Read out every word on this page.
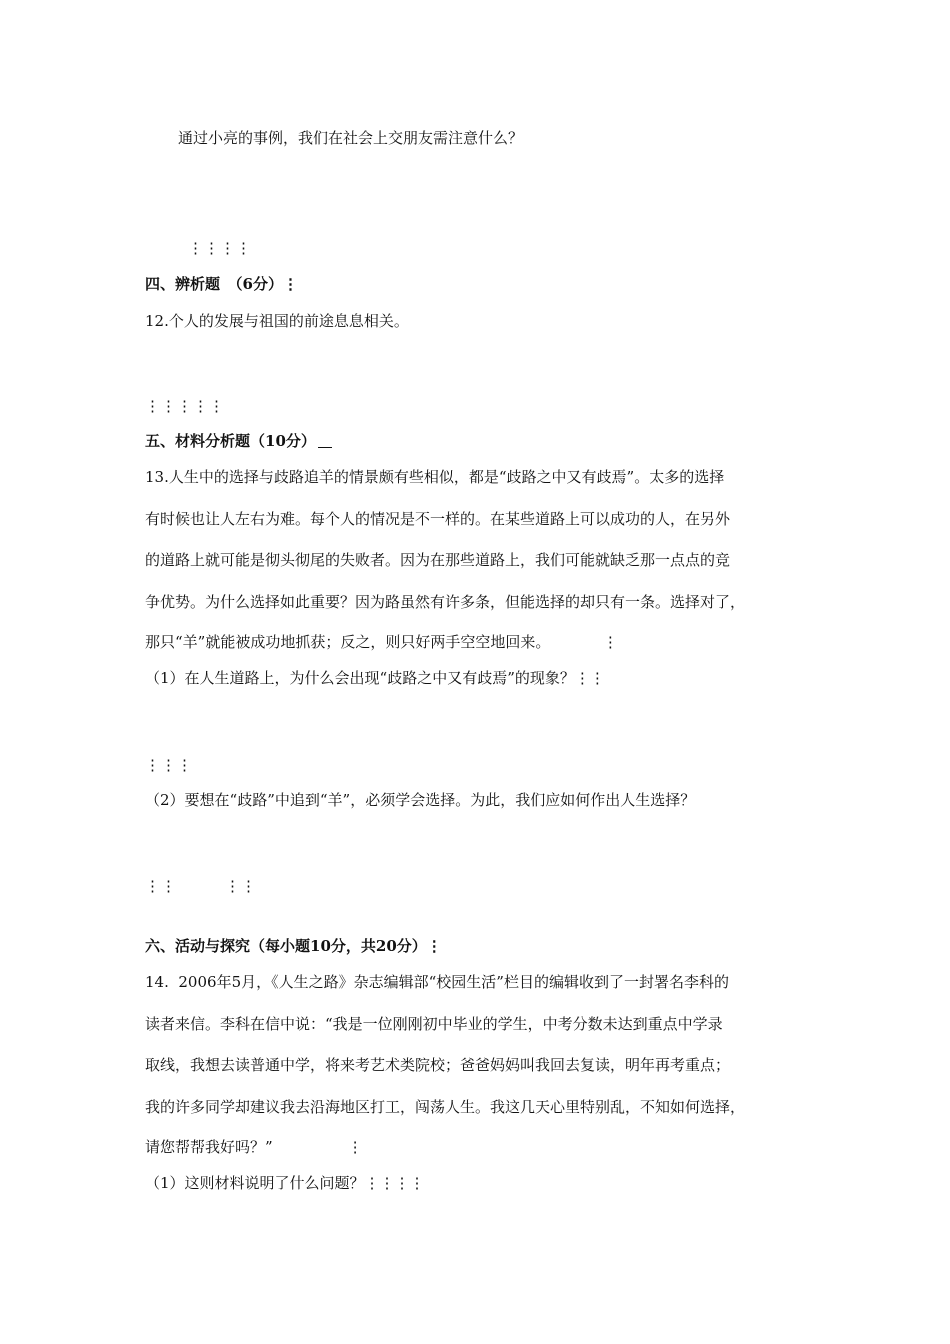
通过小亮的事例，我们在社会上交朋友需注意什么？
⋮⋮⋮⋮
四、辨析题　（6分）⋮
12.个人的发展与祖国的前途息息相关。
⋮⋮⋮⋮⋮
五、材料分析题（10分）
13.人生中的选择与歧路追羊的情景颇有些相似，都是“歧路之中又有歧焉”。太多的选择
有时候也让人左右为难。每个人的情况是不一样的。在某些道路上可以成功的人，在另外
的道路上就可能是彻头彻尾的失败者。因为在那些道路上，我们可能就缺乏那一点点的竞
争优势。为什么选择如此重要？因为路虽然有许多条，但能选择的却只有一条。选择对了，
那只“羊”就能被成功地抓获；反之，则只好两手空空地回来。　　　　⋮
（1）在人生道路上，为什么会出现“歧路之中又有歧焉”的现象？⋮⋮
⋮⋮⋮
（2）要想在“歧路”中追到“羊”，必须学会选择。为此，我们应如何作出人生选择？
⋮⋮　　　⋮⋮
六、活动与探究（每小题10分，共20分）⋮
14.  2006年5月，《人生之路》杂志编辑部“校园生活”栏目的编辑收到了一封署名李科的
读者来信。李科在信中说：“我是一位刚刚初中毕业的学生，中考分数未达到重点中学录
取线，我想去读普通中学，将来考艺术类院校；爸爸妈妈叫我回去复读，明年再考重点；
我的许多同学却建议我去沿海地区打工，闯荡人生。我这几天心里特别乱，不知如何选择，
请您帮帮我好吗？”　　　　　⋮
（1）这则材料说明了什么问题？⋮⋮⋮⋮
